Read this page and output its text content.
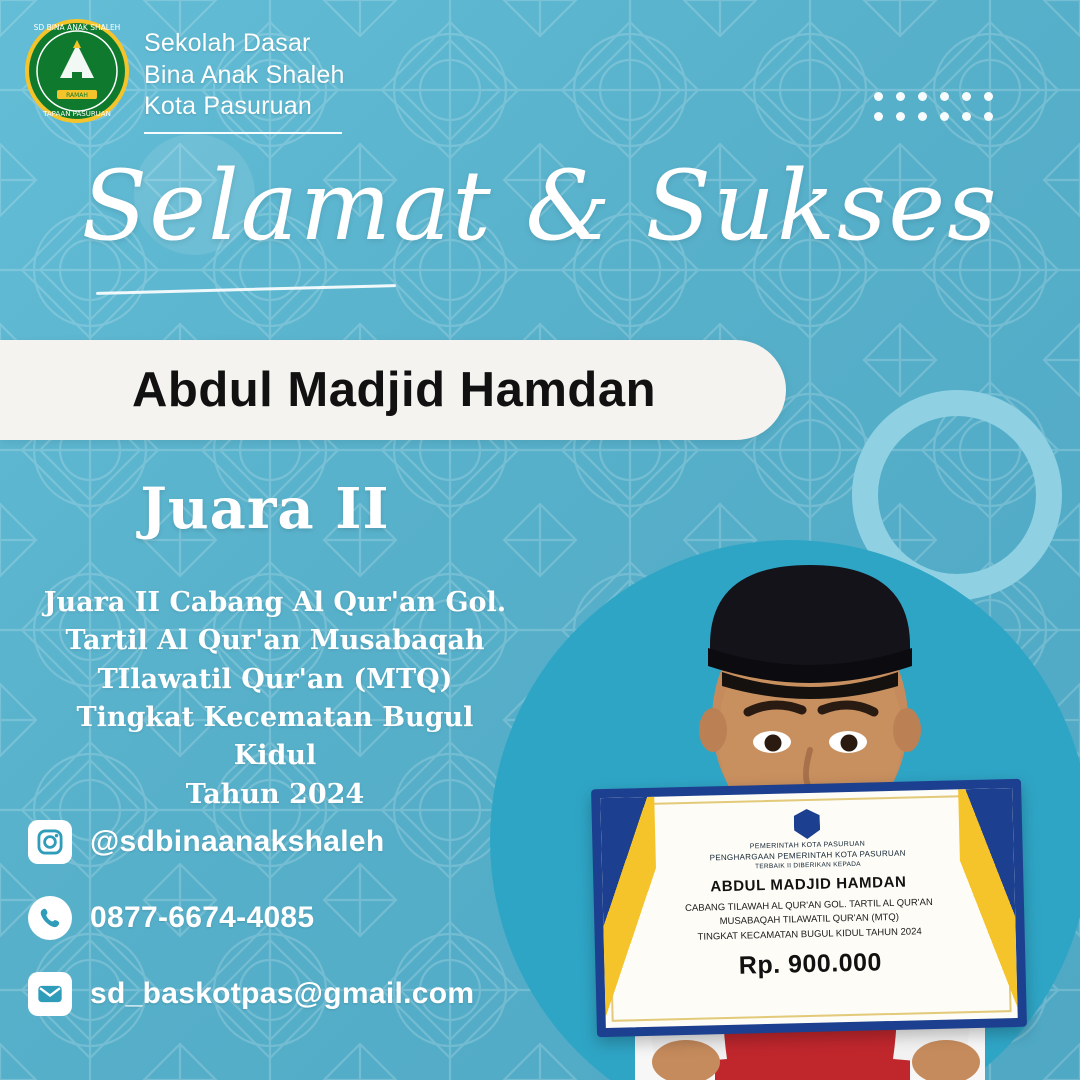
RAMAH
SD BINA ANAK SHALEH
TAPAAN PASURUAN
Sekolah Dasar
Bina Anak Shaleh
Kota Pasuruan
Selamat & Sukses
PEMERINTAH KOTA PASURUAN
PENGHARGAAN PEMERINTAH KOTA PASURUAN
TERBAIK II DIBERIKAN KEPADA
ABDUL MADJID HAMDAN
CABANG TILAWAH AL QUR'AN GOL. TARTIL AL QUR'AN
MUSABAQAH TILAWATIL QUR'AN (MTQ)
TINGKAT KECAMATAN BUGUL KIDUL TAHUN 2024
Rp. 900.000
Abdul Madjid Hamdan
Juara II
Juara II Cabang Al Qur'an Gol.
Tartil Al Qur'an Musabaqah
TIlawatil Qur'an (MTQ)
Tingkat Kecematan Bugul Kidul
Tahun 2024
@sdbinaanakshaleh
0877-6674-4085
sd_baskotpas@gmail.com
